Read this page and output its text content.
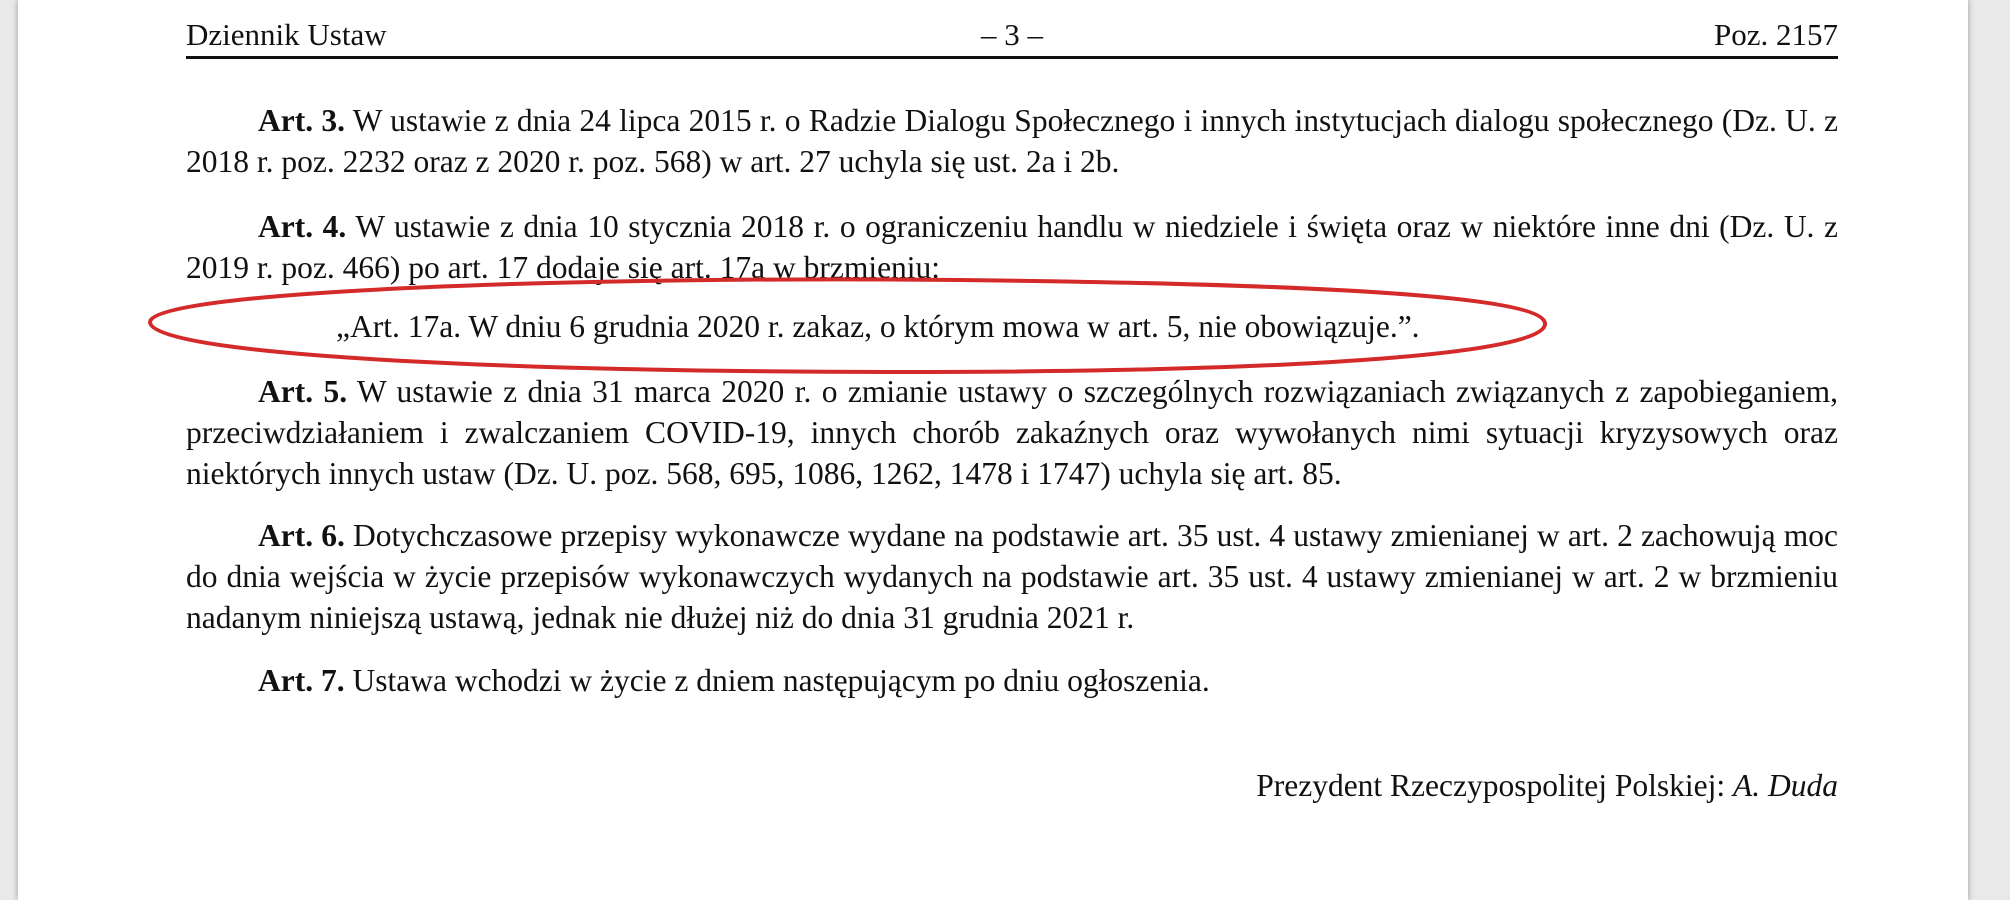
Dziennik Ustaw	– 3 –	Poz. 2157

Art. 3. W ustawie z dnia 24 lipca 2015 r. o Radzie Dialogu Społecznego i innych instytucjach dialogu społecznego (Dz. U. z 2018 r. poz. 2232 oraz z 2020 r. poz. 568) w art. 27 uchyla się ust. 2a i 2b.

Art. 4. W ustawie z dnia 10 stycznia 2018 r. o ograniczeniu handlu w niedziele i święta oraz w niektóre inne dni (Dz. U. z 2019 r. poz. 466) po art. 17 dodaje się art. 17a w brzmieniu:

„Art. 17a. W dniu 6 grudnia 2020 r. zakaz, o którym mowa w art. 5, nie obowiązuje.”.

Art. 5. W ustawie z dnia 31 marca 2020 r. o zmianie ustawy o szczególnych rozwiązaniach związanych z zapobieganiem, przeciwdziałaniem i zwalczaniem COVID-19, innych chorób zakaźnych oraz wywołanych nimi sytuacji kryzysowych oraz niektórych innych ustaw (Dz. U. poz. 568, 695, 1086, 1262, 1478 i 1747) uchyla się art. 85.

Art. 6. Dotychczasowe przepisy wykonawcze wydane na podstawie art. 35 ust. 4 ustawy zmienianej w art. 2 zachowują moc do dnia wejścia w życie przepisów wykonawczych wydanych na podstawie art. 35 ust. 4 ustawy zmienianej w art. 2 w brzmieniu nadanym niniejszą ustawą, jednak nie dłużej niż do dnia 31 grudnia 2021 r.

Art. 7. Ustawa wchodzi w życie z dniem następującym po dniu ogłoszenia.

Prezydent Rzeczypospolitej Polskiej: A. Duda
